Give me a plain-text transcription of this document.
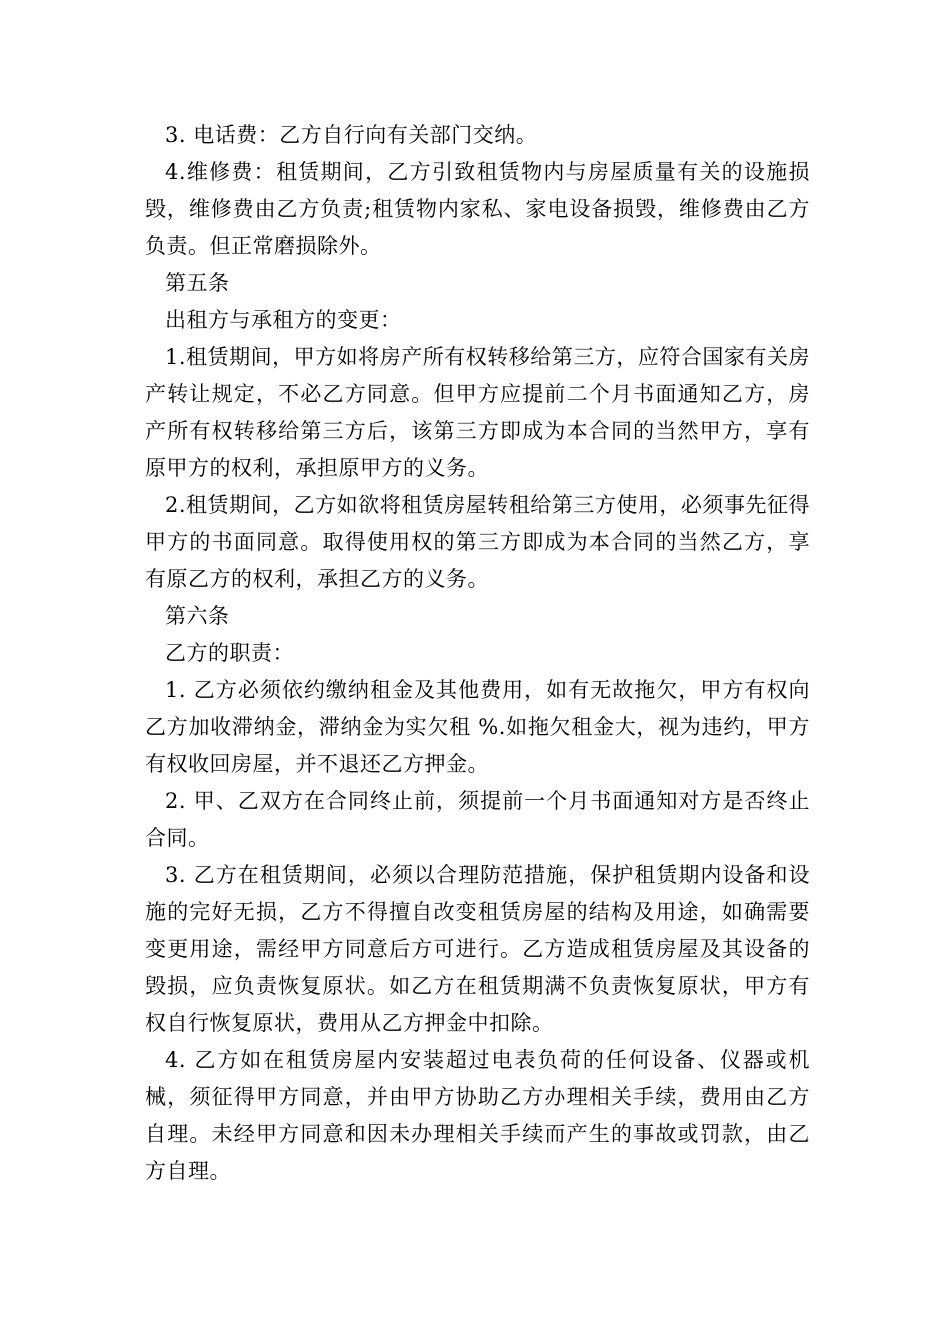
3. 电话费：乙方自行向有关部门交纳。

4.维修费：租赁期间，乙方引致租赁物内与房屋质量有关的设施损毁，维修费由乙方负责;租赁物内家私、家电设备损毁，维修费由乙方负责。但正常磨损除外。

第五条

出租方与承租方的变更：

1.租赁期间，甲方如将房产所有权转移给第三方，应符合国家有关房产转让规定，不必乙方同意。但甲方应提前二个月书面通知乙方，房产所有权转移给第三方后，该第三方即成为本合同的当然甲方，享有原甲方的权利，承担原甲方的义务。

2.租赁期间，乙方如欲将租赁房屋转租给第三方使用，必须事先征得甲方的书面同意。取得使用权的第三方即成为本合同的当然乙方，享有原乙方的权利，承担乙方的义务。

第六条

乙方的职责：

1. 乙方必须依约缴纳租金及其他费用，如有无故拖欠，甲方有权向乙方加收滞纳金，滞纳金为实欠租 %.如拖欠租金大，视为违约，甲方有权收回房屋，并不退还乙方押金。

2. 甲、乙双方在合同终止前，须提前一个月书面通知对方是否终止合同。

3. 乙方在租赁期间，必须以合理防范措施，保护租赁期内设备和设施的完好无损，乙方不得擅自改变租赁房屋的结构及用途，如确需要变更用途，需经甲方同意后方可进行。乙方造成租赁房屋及其设备的毁损，应负责恢复原状。如乙方在租赁期满不负责恢复原状，甲方有权自行恢复原状，费用从乙方押金中扣除。

4. 乙方如在租赁房屋内安装超过电表负荷的任何设备、仪器或机械，须征得甲方同意，并由甲方协助乙方办理相关手续，费用由乙方自理。未经甲方同意和因未办理相关手续而产生的事故或罚款，由乙方自理。
